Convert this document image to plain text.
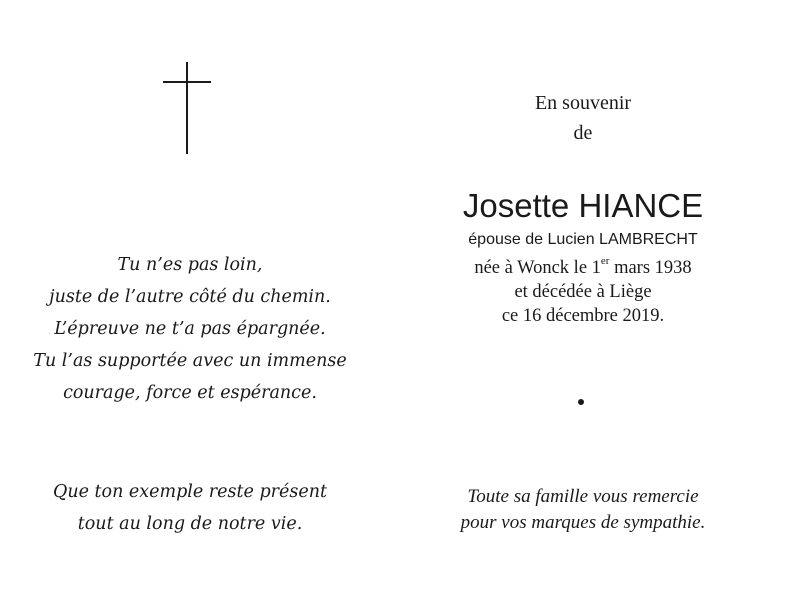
Tu n’es pas loin,
juste de l’autre côté du chemin.
L’épreuve ne t’a pas épargnée.
Tu l’as supportée avec un immense
courage, force et espérance.
Que ton exemple reste présent
tout au long de notre vie.
En souvenir
de
Josette HIANCE
épouse de Lucien LAMBRECHT
née à Wonck le 1er mars 1938
et décédée à Liège
ce 16 décembre 2019.
Toute sa famille vous remercie
pour vos marques de sympathie.
